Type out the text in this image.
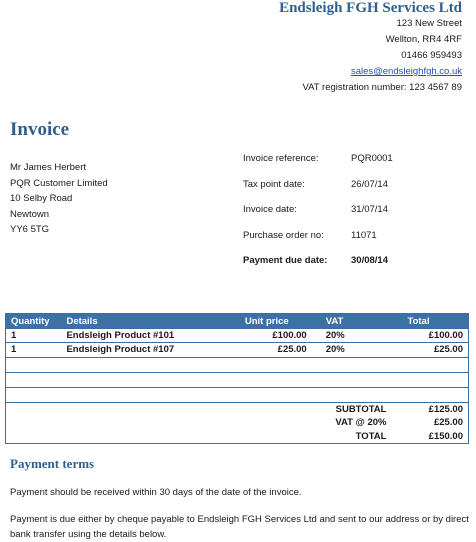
Endsleigh FGH Services Ltd
123 New Street
Wellton, RR4 4RF
01466 959493
sales@endsleighfgh.co.uk
VAT registration number: 123 4567 89
Invoice
Mr James Herbert
PQR Customer Limited
10 Selby Road
Newtown
YY6 5TG
Invoice reference:	PQR0001
Tax point date:	26/07/14
Invoice date:	31/07/14
Purchase order no:	11071
Payment due date:	30/08/14
Quantity	Details	Unit price	VAT	Total
1	Endsleigh Product #101	£100.00	20%	£100.00
1	Endsleigh Product #107	£25.00	20%	£25.00

		SUBTOTAL		£125.00
		VAT @ 20%		£25.00
		TOTAL		£150.00
Payment terms
Payment should be received within 30 days of the date of the invoice.
Payment is due either by cheque payable to Endsleigh FGH Services Ltd and sent to our address or by direct bank transfer using the details below.
